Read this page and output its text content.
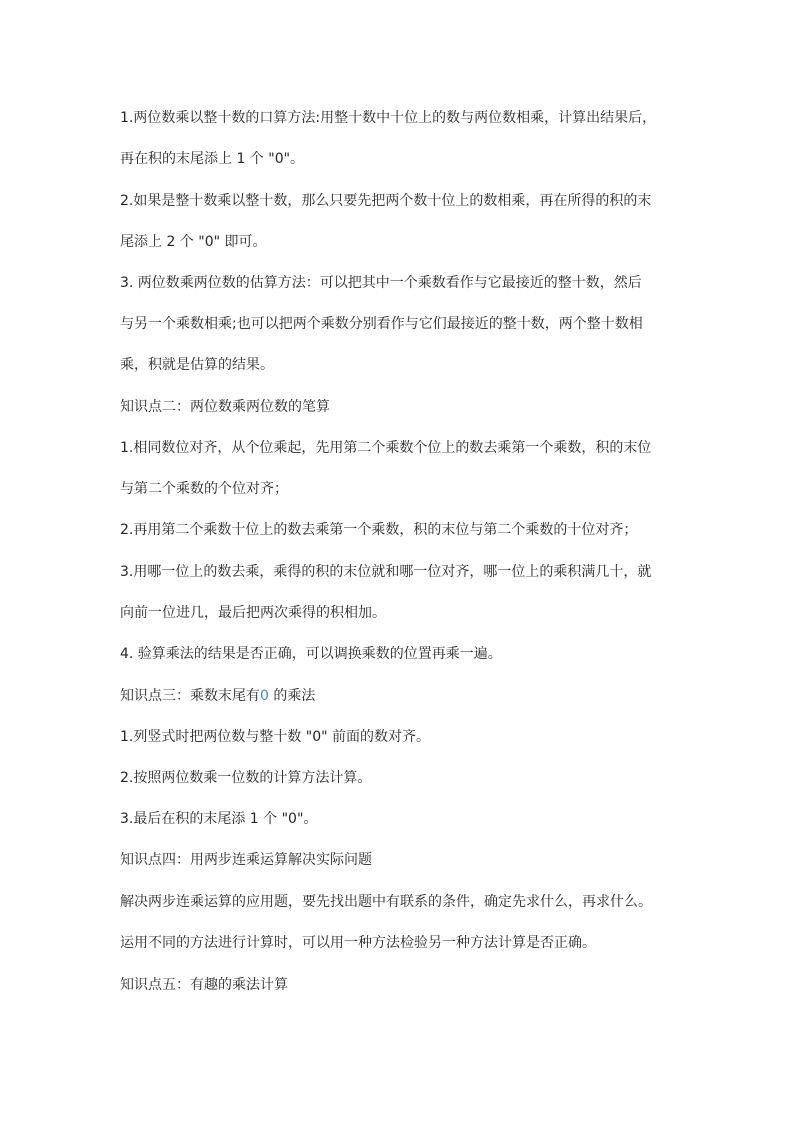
1.两位数乘以整十数的口算方法:用整十数中十位上的数与两位数相乘，计算出结果后，
再在积的末尾添上 1 个 "0"。
2.如果是整十数乘以整十数，那么只要先把两个数十位上的数相乘，再在所得的积的末
尾添上 2 个 "0" 即可。
3. 两位数乘两位数的估算方法：可以把其中一个乘数看作与它最接近的整十数，然后
与另一个乘数相乘;也可以把两个乘数分别看作与它们最接近的整十数，两个整十数相
乘，积就是估算的结果。
知识点二：两位数乘两位数的笔算
1.相同数位对齐，从个位乘起，先用第二个乘数个位上的数去乘第一个乘数，积的末位
与第二个乘数的个位对齐；
2.再用第二个乘数十位上的数去乘第一个乘数，积的末位与第二个乘数的十位对齐；
3.用哪一位上的数去乘，乘得的积的末位就和哪一位对齐，哪一位上的乘积满几十，就
向前一位进几，最后把两次乘得的积相加。
4. 验算乘法的结果是否正确，可以调换乘数的位置再乘一遍。
知识点三：乘数末尾有0 的乘法
1.列竖式时把两位数与整十数 "0" 前面的数对齐。
2.按照两位数乘一位数的计算方法计算。
3.最后在积的末尾添 1 个 "0"。
知识点四：用两步连乘运算解决实际问题
解决两步连乘运算的应用题，要先找出题中有联系的条件，确定先求什么，再求什么。
运用不同的方法进行计算时，可以用一种方法检验另一种方法计算是否正确。
知识点五：有趣的乘法计算
